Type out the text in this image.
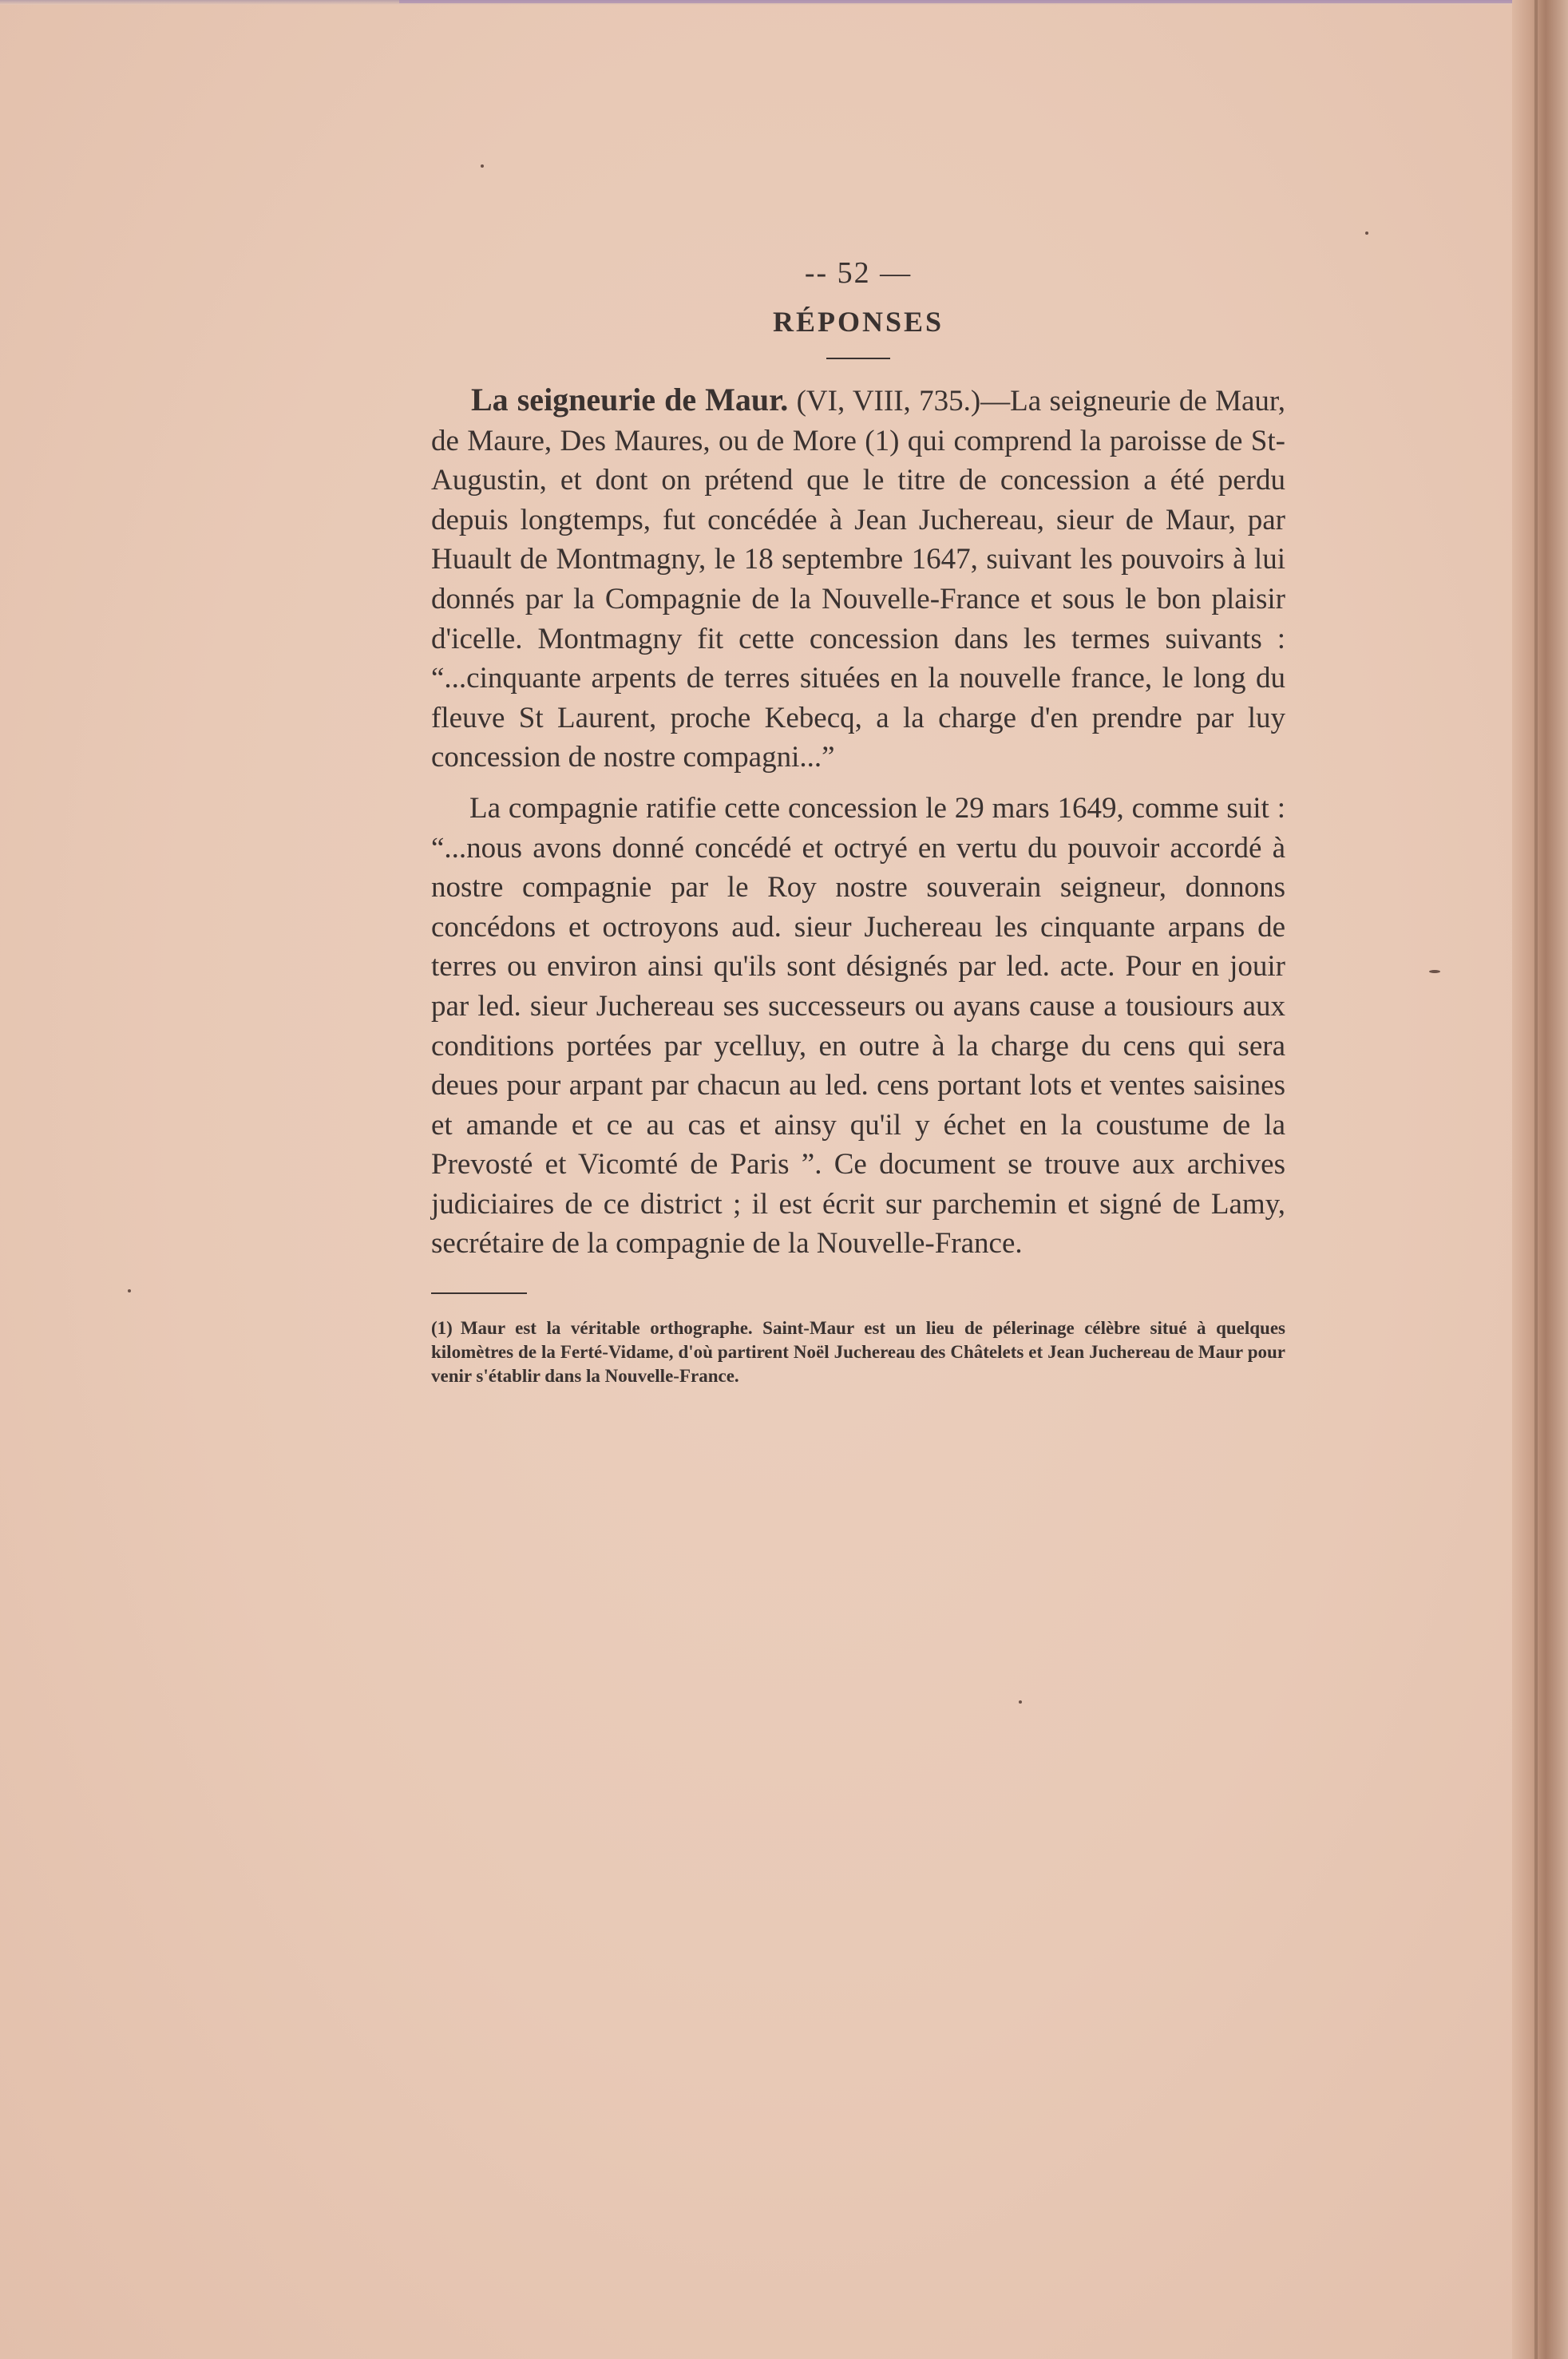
-- 52 —

RÉPONSES

La seigneurie de Maur. (VI, VIII, 735.)—La seigneurie de Maur, de Maure, Des Maures, ou de More (1) qui comprend la paroisse de St-Augustin, et dont on prétend que le titre de concession a été perdu depuis longtemps, fut concédée à Jean Juchereau, sieur de Maur, par Huault de Montmagny, le 18 septembre 1647, suivant les pouvoirs à lui donnés par la Compagnie de la Nouvelle-France et sous le bon plaisir d'icelle. Montmagny fit cette concession dans les termes suivants : “...cinquante arpents de terres situées en la nouvelle france, le long du fleuve St Laurent, proche Kebecq, a la charge d'en prendre par luy concession de nostre compagni...”

La compagnie ratifie cette concession le 29 mars 1649, comme suit : “...nous avons donné concédé et octryé en vertu du pouvoir accordé à nostre compagnie par le Roy nostre souverain seigneur, donnons concédons et octroyons aud. sieur Juchereau les cinquante arpans de terres ou environ ainsi qu'ils sont désignés par led. acte. Pour en jouir par led. sieur Juchereau ses successeurs ou ayans cause a tousiours aux conditions portées par ycelluy, en outre à la charge du cens qui sera deues pour arpant par chacun au led. cens portant lots et ventes saisines et amande et ce au cas et ainsy qu'il y échet en la coustume de la Prevosté et Vicomté de Paris ”. Ce document se trouve aux archives judiciaires de ce district ; il est écrit sur parchemin et signé de Lamy, secrétaire de la compagnie de la Nouvelle-France.

(1) Maur est la véritable orthographe. Saint-Maur est un lieu de pélerinage célèbre situé à quelques kilomètres de la Ferté-Vidame, d'où partirent Noël Juchereau des Châtelets et Jean Juchereau de Maur pour venir s'établir dans la Nouvelle-France.
